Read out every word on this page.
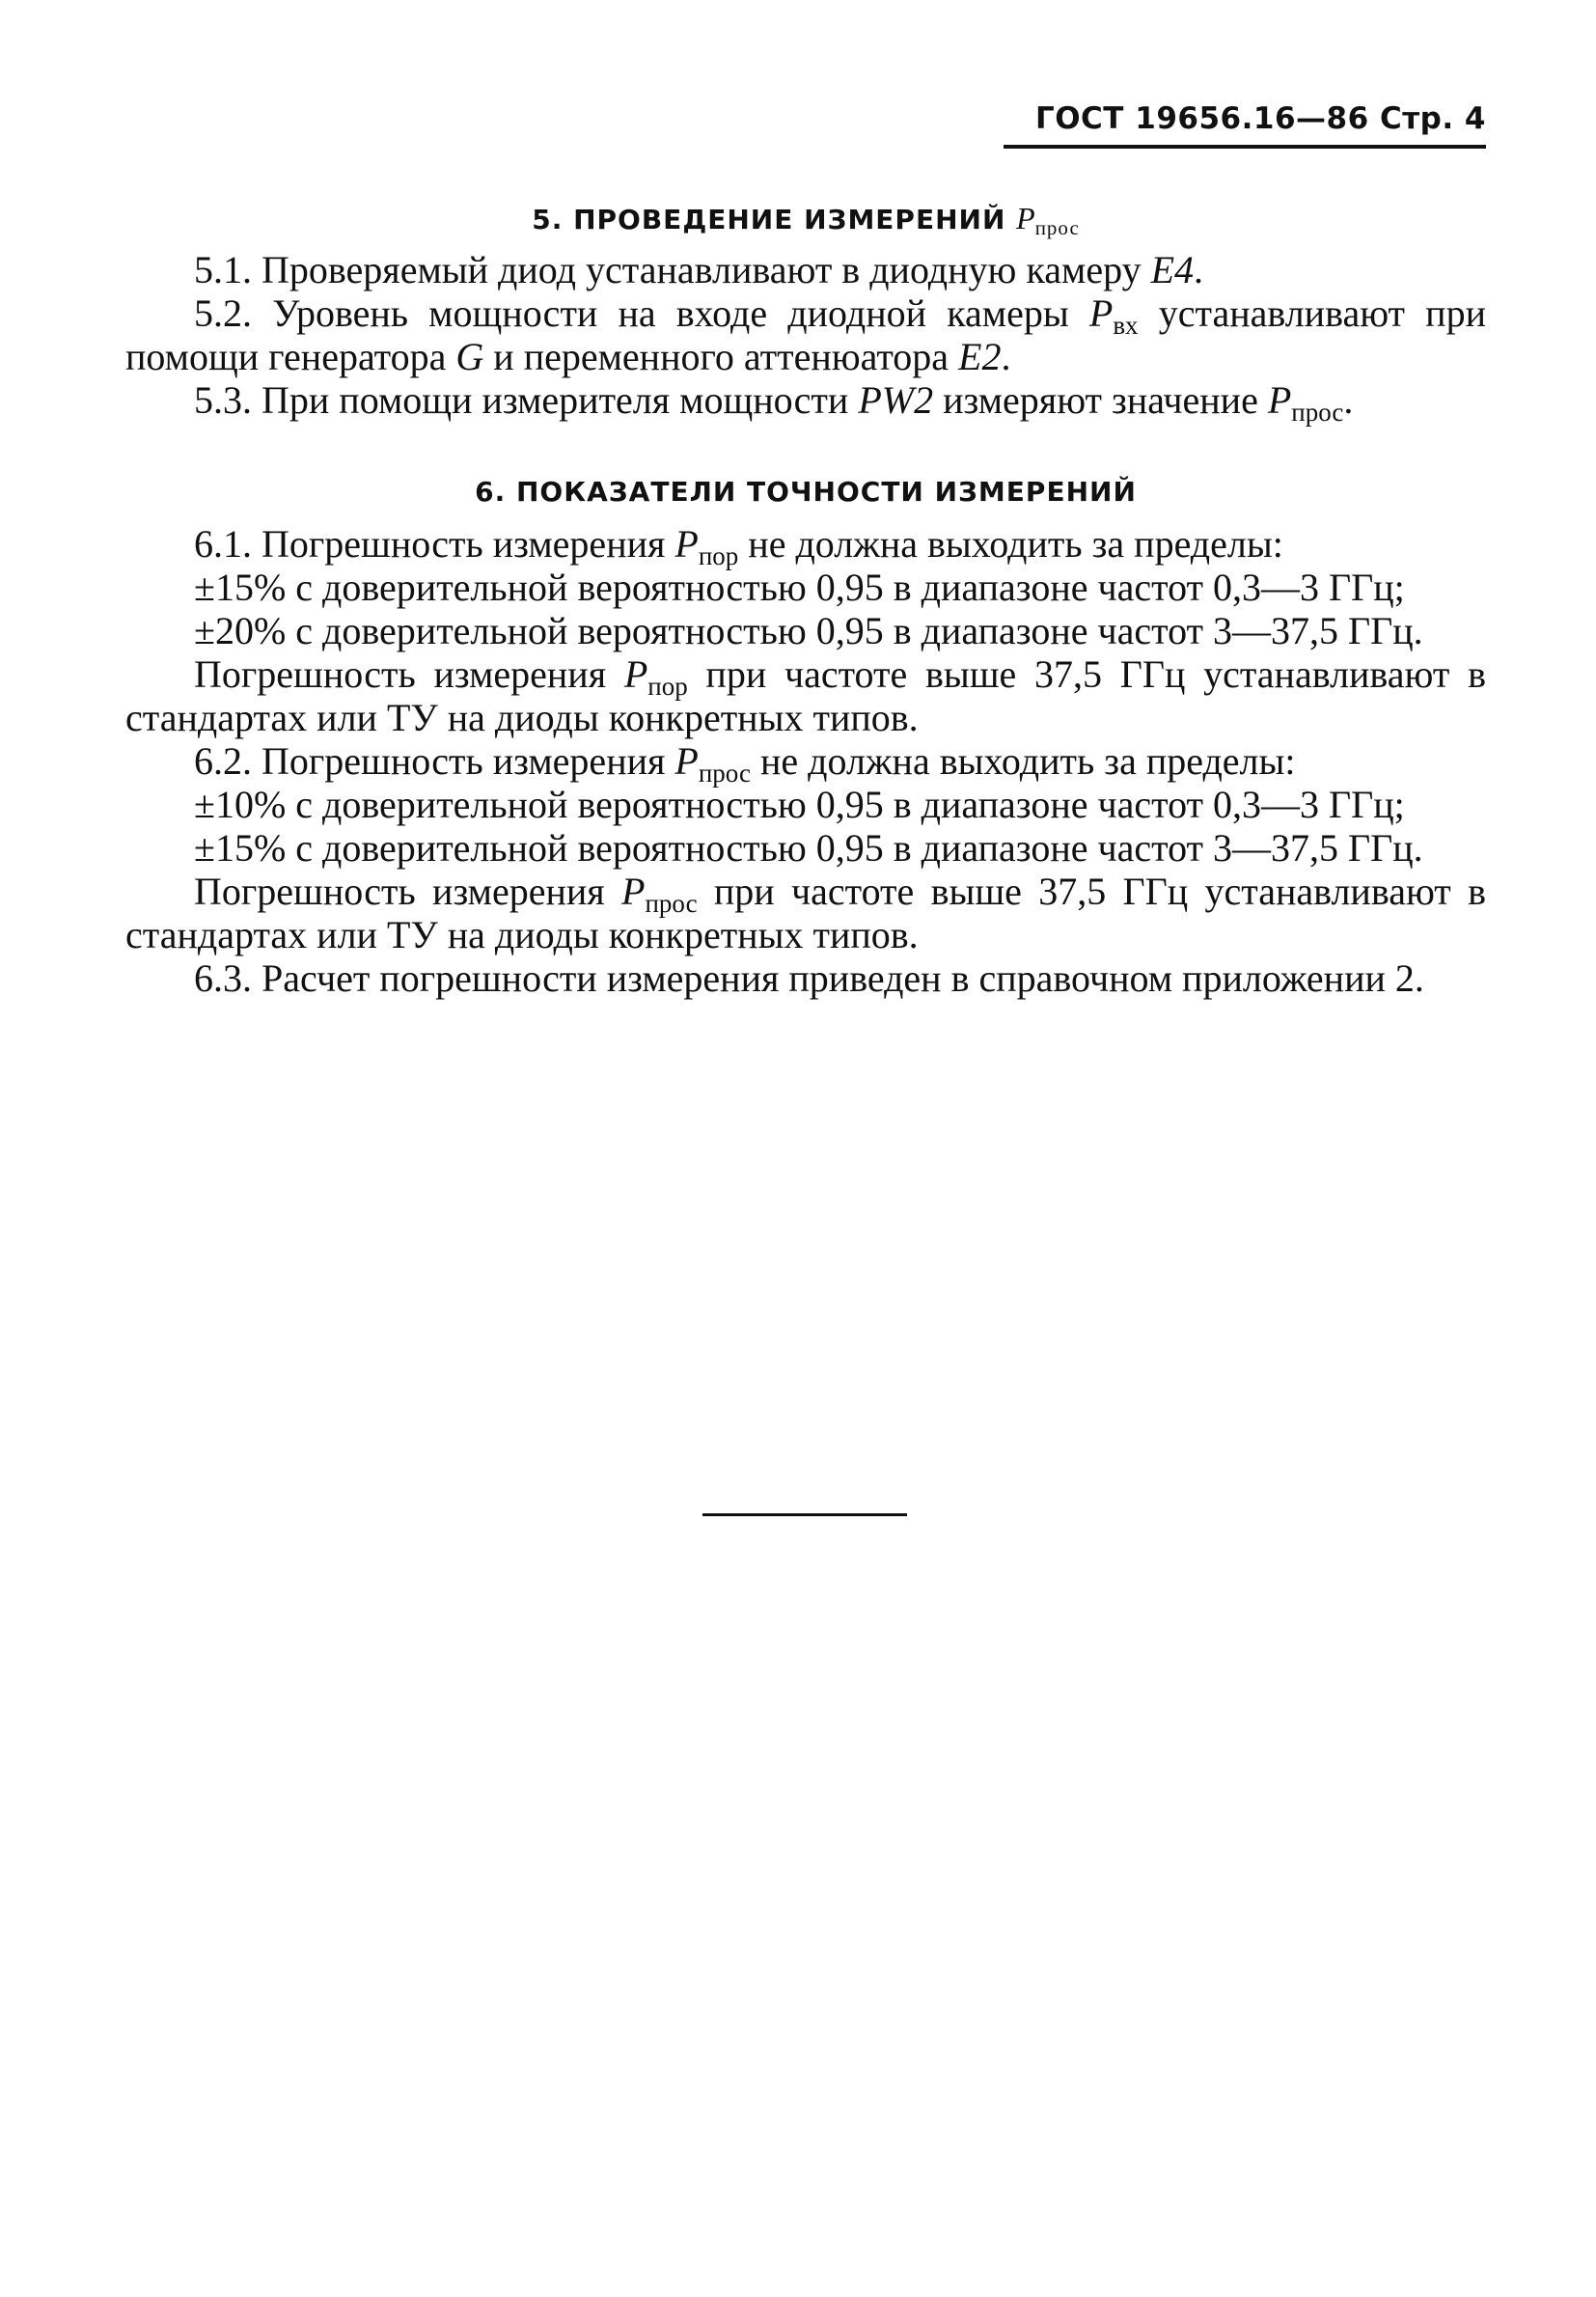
ГОСТ 19656.16—86 Стр. 4
5. ПРОВЕДЕНИЕ ИЗМЕРЕНИЙ $P_{прос}$

5.1. Проверяемый диод устанавливают в диодную камеру E4.

5.2. Уровень мощности на входе диодной камеры $P_{вх}$ устанавливают при помощи генератора G и переменного аттенюатора E2.

5.3. При помощи измерителя мощности PW2 измеряют значение $P_{прос}$.

6. ПОКАЗАТЕЛИ ТОЧНОСТИ ИЗМЕРЕНИЙ

6.1. Погрешность измерения $P_{пор}$ не должна выходить за пределы:

±15% с доверительной вероятностью 0,95 в диапазоне частот 0,3—3 ГГц;

±20% с доверительной вероятностью 0,95 в диапазоне частот 3—37,5 ГГц.

Погрешность измерения $P_{пор}$ при частоте выше 37,5 ГГц устанавливают в стандартах или ТУ на диоды конкретных типов.

6.2. Погрешность измерения $P_{прос}$ не должна выходить за пределы:

±10% с доверительной вероятностью 0,95 в диапазоне частот 0,3—3 ГГц;

±15% с доверительной вероятностью 0,95 в диапазоне частот 3—37,5 ГГц.

Погрешность измерения $P_{прос}$ при частоте выше 37,5 ГГц устанавливают в стандартах или ТУ на диоды конкретных типов.

6.3. Расчет погрешности измерения приведен в справочном приложении 2.
